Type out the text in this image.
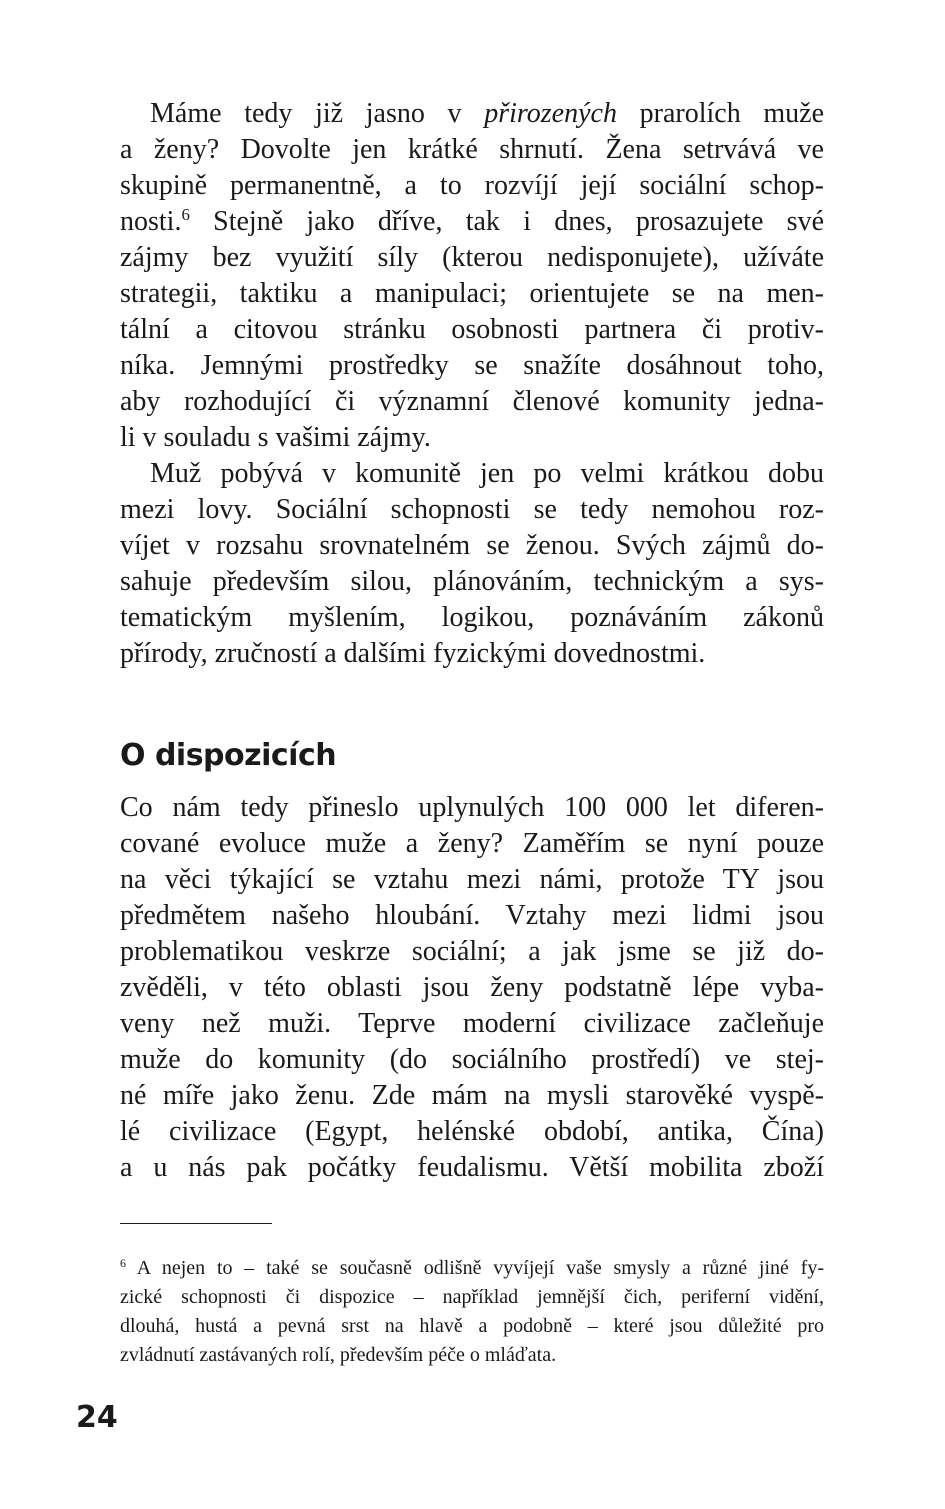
Máme tedy již jasno v přirozených prarolích muže
a ženy? Dovolte jen krátké shrnutí. Žena setrvává ve
skupině permanentně, a to rozvíjí její sociální schop-
nosti.$^6$ Stejně jako dříve, tak i dnes, prosazujete své
zájmy bez využití síly (kterou nedisponujete), užíváte
strategii, taktiku a manipulaci; orientujete se na men-
tální a citovou stránku osobnosti partnera či protiv-
níka. Jemnými prostředky se snažíte dosáhnout toho,
aby rozhodující či významní členové komunity jedna-
li v souladu s vašimi zájmy.

Muž pobývá v komunitě jen po velmi krátkou dobu
mezi lovy. Sociální schopnosti se tedy nemohou roz-
víjet v rozsahu srovnatelném se ženou. Svých zájmů do-
sahuje především silou, plánováním, technickým a sys-
tematickým myšlením, logikou, poznáváním zákonů
přírody, zručností a dalšími fyzickými dovednostmi.

O dispozicích

Co nám tedy přineslo uplynulých 100 000 let diferen-
cované evoluce muže a ženy? Zaměřím se nyní pouze
na věci týkající se vztahu mezi námi, protože TY jsou
předmětem našeho hloubání. Vztahy mezi lidmi jsou
problematikou veskrze sociální; a jak jsme se již do-
zvěděli, v této oblasti jsou ženy podstatně lépe vyba-
veny než muži. Teprve moderní civilizace začleňuje
muže do komunity (do sociálního prostředí) ve stej-
né míře jako ženu. Zde mám na mysli starověké vyspě-
lé civilizace (Egypt, helénské období, antika, Čína)
a u nás pak počátky feudalismu. Větší mobilita zboží

$^6$ A nejen to – také se současně odlišně vyvíjejí vaše smysly a různé jiné fy-
zické schopnosti či dispozice – například jemnější čich, periferní vidění,
dlouhá, hustá a pevná srst na hlavě a podobně – které jsou důležité pro
zvládnutí zastávaných rolí, především péče o mláďata.

24
